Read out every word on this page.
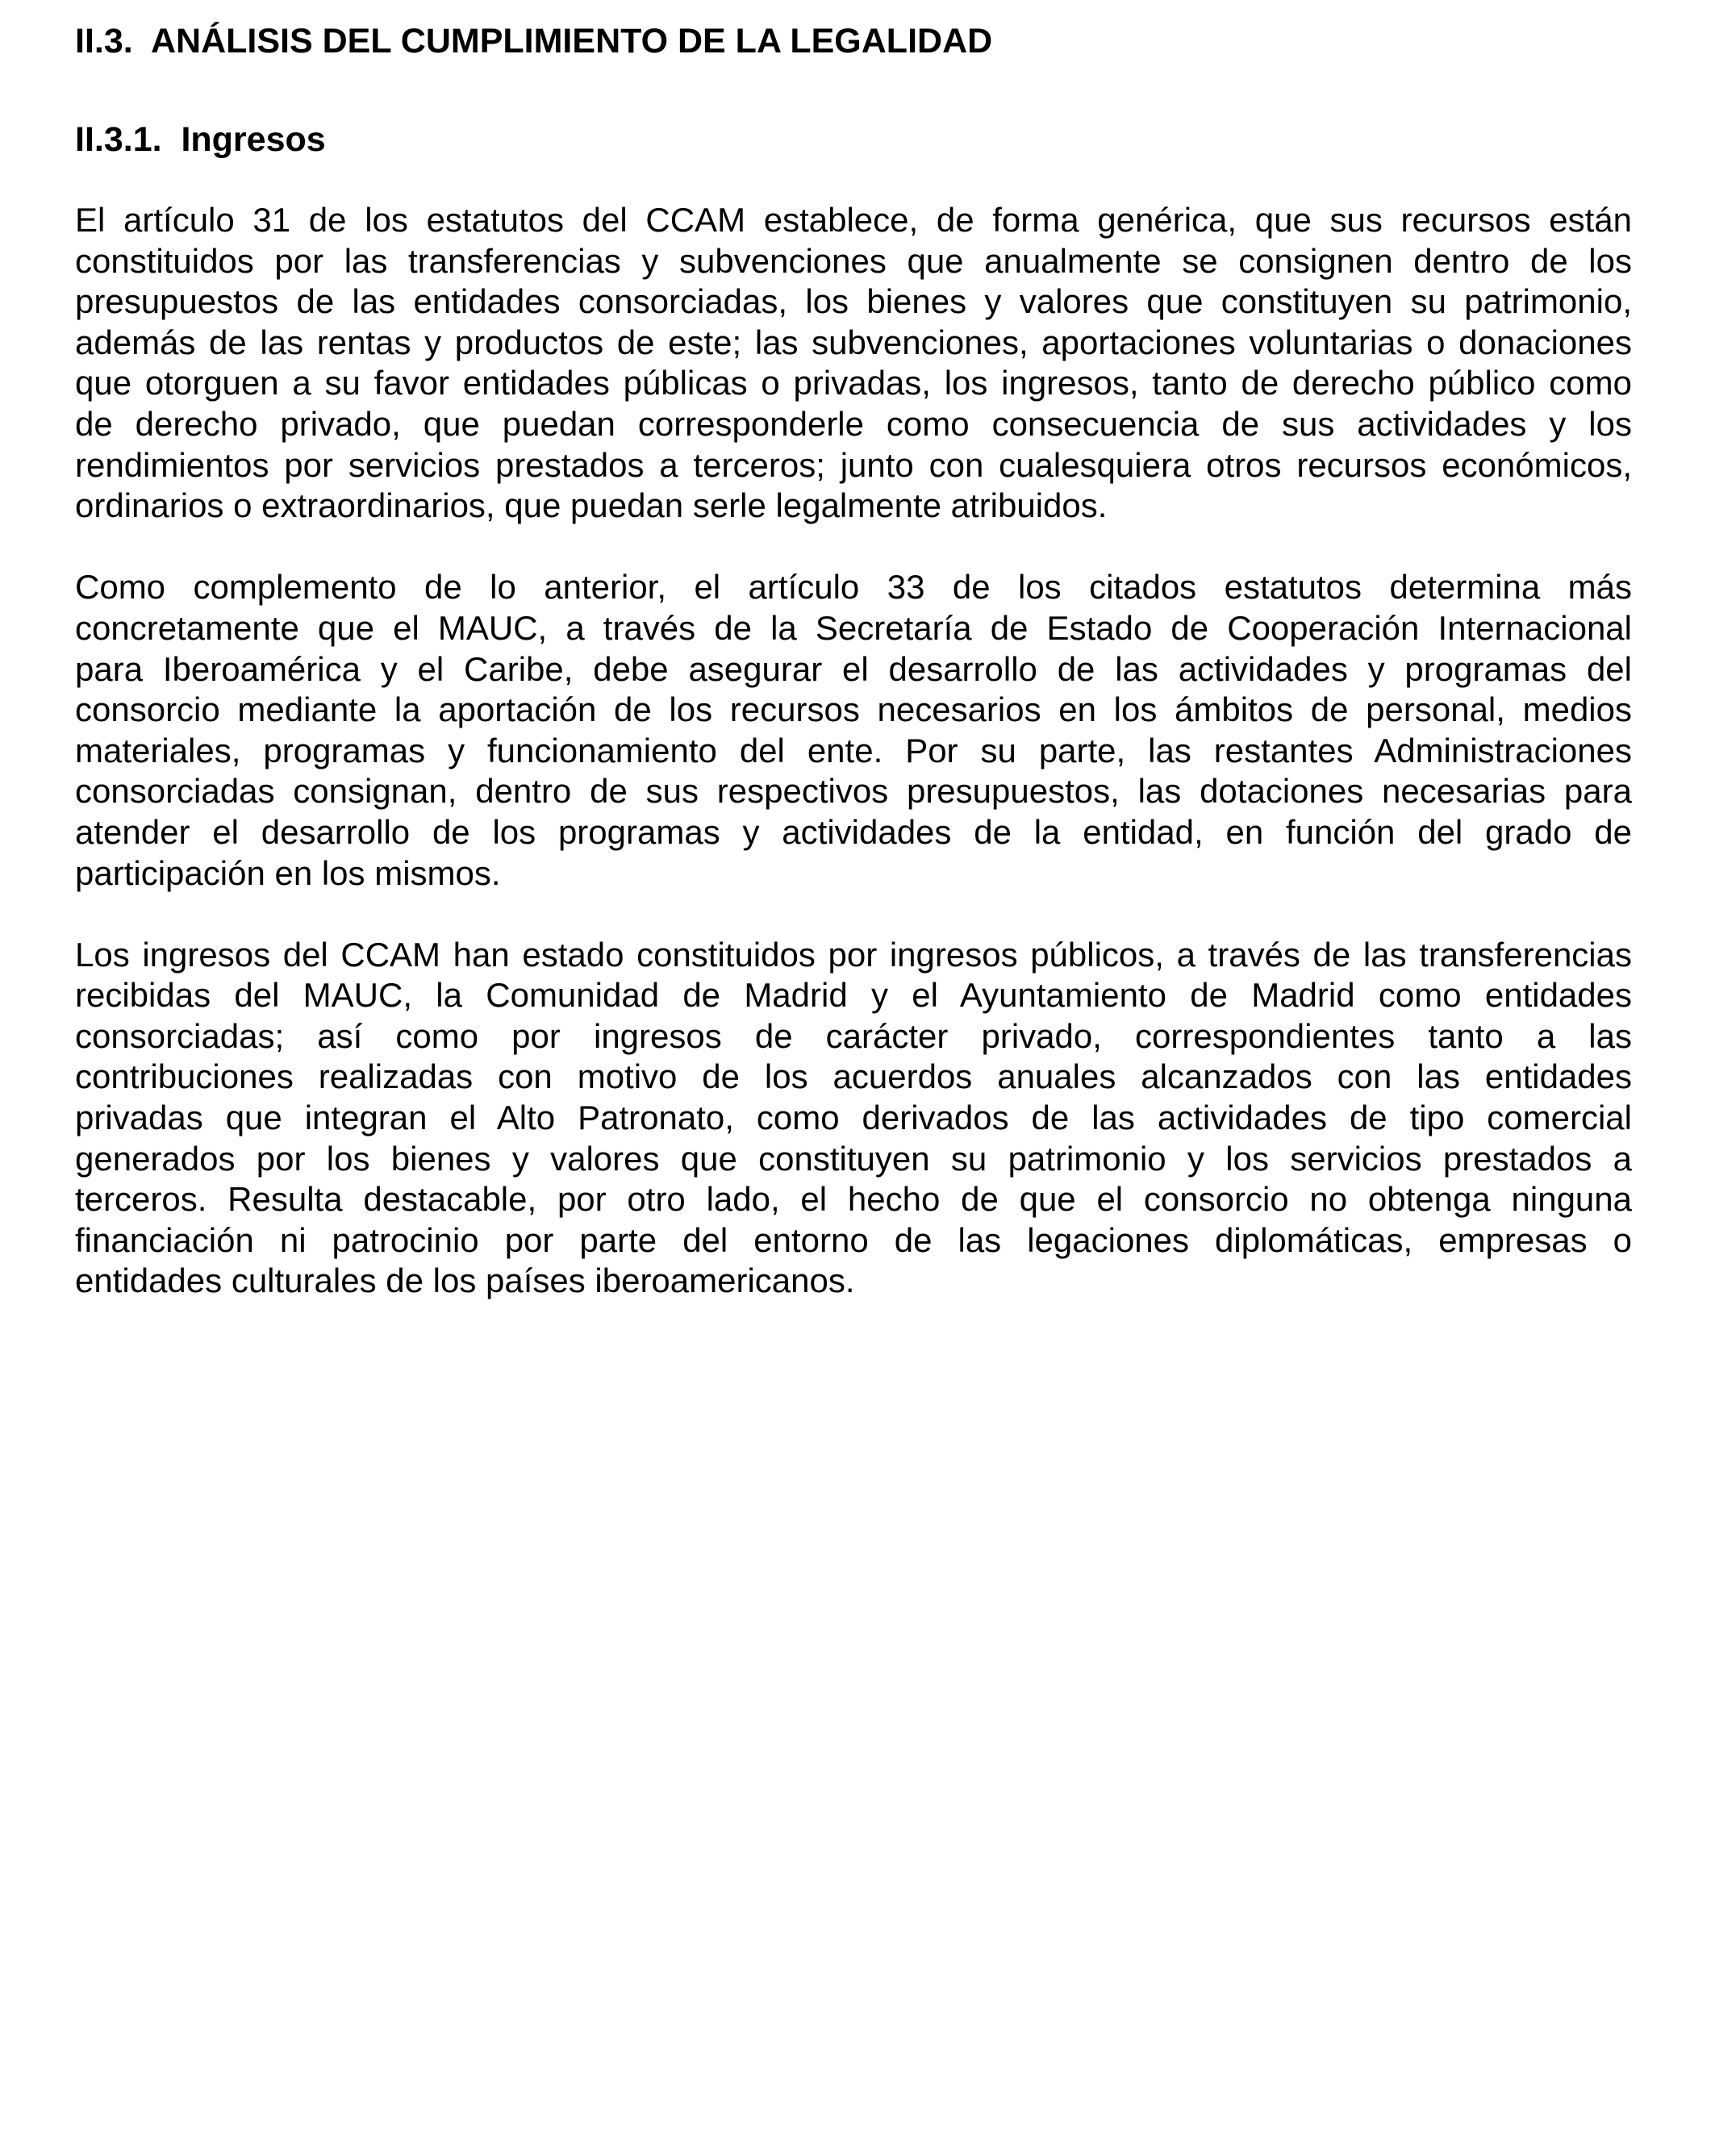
II.3.  ANÁLISIS DEL CUMPLIMIENTO DE LA LEGALIDAD
II.3.1.  Ingresos
El artículo 31 de los estatutos del CCAM establece, de forma genérica, que sus recursos están
constituidos por las transferencias y subvenciones que anualmente se consignen dentro de los
presupuestos de las entidades consorciadas, los bienes y valores que constituyen su patrimonio,
además de las rentas y productos de este; las subvenciones, aportaciones voluntarias o donaciones
que otorguen a su favor entidades públicas o privadas, los ingresos, tanto de derecho público como
de derecho privado, que puedan corresponderle como consecuencia de sus actividades y los
rendimientos por servicios prestados a terceros; junto con cualesquiera otros recursos económicos,
ordinarios o extraordinarios, que puedan serle legalmente atribuidos.
Como complemento de lo anterior, el artículo 33 de los citados estatutos determina más
concretamente que el MAUC, a través de la Secretaría de Estado de Cooperación Internacional
para Iberoamérica y el Caribe, debe asegurar el desarrollo de las actividades y programas del
consorcio mediante la aportación de los recursos necesarios en los ámbitos de personal, medios
materiales, programas y funcionamiento del ente. Por su parte, las restantes Administraciones
consorciadas consignan, dentro de sus respectivos presupuestos, las dotaciones necesarias para
atender el desarrollo de los programas y actividades de la entidad, en función del grado de
participación en los mismos.
Los ingresos del CCAM han estado constituidos por ingresos públicos, a través de las transferencias
recibidas del MAUC, la Comunidad de Madrid y el Ayuntamiento de Madrid como entidades
consorciadas; así como por ingresos de carácter privado, correspondientes tanto a las
contribuciones realizadas con motivo de los acuerdos anuales alcanzados con las entidades
privadas que integran el Alto Patronato, como derivados de las actividades de tipo comercial
generados por los bienes y valores que constituyen su patrimonio y los servicios prestados a
terceros. Resulta destacable, por otro lado, el hecho de que el consorcio no obtenga ninguna
financiación ni patrocinio por parte del entorno de las legaciones diplomáticas, empresas o
entidades culturales de los países iberoamericanos.
